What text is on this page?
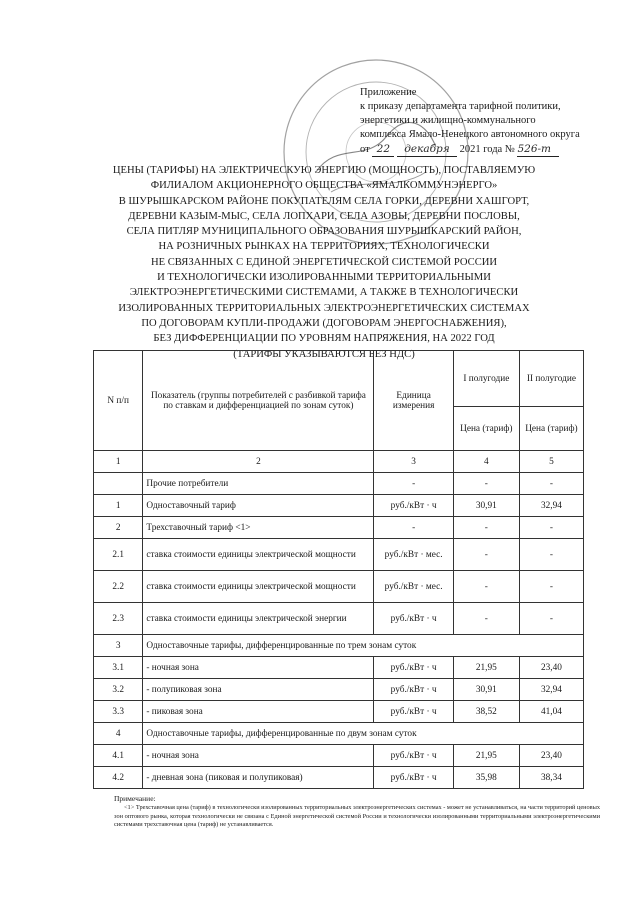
Приложение
к приказу департамента тарифной политики,
энергетики и жилищно-коммунального
комплекса Ямало-Ненецкого автономного округа
от 22 декабря 2021 года № 526-т
ЦЕНЫ (ТАРИФЫ) НА ЭЛЕКТРИЧЕСКУЮ ЭНЕРГИЮ (МОЩНОСТЬ), ПОСТАВЛЯЕМУЮ
ФИЛИАЛОМ АКЦИОНЕРНОГО ОБЩЕСТВА «ЯМАЛКОММУНЭНЕРГО»
В ШУРЫШКАРСКОМ РАЙОНЕ ПОКУПАТЕЛЯМ СЕЛА ГОРКИ, ДЕРЕВНИ ХАШГОРТ,
ДЕРЕВНИ КАЗЫМ-МЫС, СЕЛА ЛОПХАРИ, СЕЛА АЗОВЫ, ДЕРЕВНИ ПОСЛОВЫ,
СЕЛА ПИТЛЯР МУНИЦИПАЛЬНОГО ОБРАЗОВАНИЯ ШУРЫШКАРСКИЙ РАЙОН,
НА РОЗНИЧНЫХ РЫНКАХ НА ТЕРРИТОРИЯХ, ТЕХНОЛОГИЧЕСКИ
НЕ СВЯЗАННЫХ С ЕДИНОЙ ЭНЕРГЕТИЧЕСКОЙ СИСТЕМОЙ РОССИИ
И ТЕХНОЛОГИЧЕСКИ ИЗОЛИРОВАННЫМИ ТЕРРИТОРИАЛЬНЫМИ
ЭЛЕКТРОЭНЕРГЕТИЧЕСКИМИ СИСТЕМАМИ, А ТАКЖЕ В ТЕХНОЛОГИЧЕСКИ
ИЗОЛИРОВАННЫХ ТЕРРИТОРИАЛЬНЫХ ЭЛЕКТРОЭНЕРГЕТИЧЕСКИХ СИСТЕМАХ
ПО ДОГОВОРАМ КУПЛИ-ПРОДАЖИ (ДОГОВОРАМ ЭНЕРГОСНАБЖЕНИЯ),
БЕЗ ДИФФЕРЕНЦИАЦИИ ПО УРОВНЯМ НАПРЯЖЕНИЯ, НА 2022 ГОД
(ТАРИФЫ УКАЗЫВАЮТСЯ БЕЗ НДС)
N п/п	Показатель (группы потребителей с разбивкой тарифа по ставкам и дифференциацией по зонам суток)	Единица измерения	I полугодие	II полугодие
			Цена (тариф)	Цена (тариф)
1	2	3	4	5
	Прочие потребители	-	-	-
1	Одноставочный тариф	руб./кВт · ч	30,91	32,94
2	Трехставочный тариф <1>	-	-	-
2.1	ставка стоимости единицы электрической мощности	руб./кВт · мес.	-	-
2.2	ставка стоимости единицы электрической мощности	руб./кВт · мес.	-	-
2.3	ставка стоимости единицы электрической энергии	руб./кВт · ч	-	-
3	Одноставочные тарифы, дифференцированные по трем зонам суток			
3.1	- ночная зона	руб./кВт · ч	21,95	23,40
3.2	- полупиковая зона	руб./кВт · ч	30,91	32,94
3.3	- пиковая зона	руб./кВт · ч	38,52	41,04
4	Одноставочные тарифы, дифференцированные по двум зонам суток			
4.1	- ночная зона	руб./кВт · ч	21,95	23,40
4.2	- дневная зона (пиковая и полупиковая)	руб./кВт · ч	35,98	38,34
Примечание:
<1> Трехставочная цена (тариф) в технологически изолированных территориальных электроэнергетических системах - может не устанавливаться, на части территорий ценовых зон оптового рынка, которая технологически не связана с Единой энергетической системой России и технологически изолированными территориальными электроэнергетическими системами трехставочная цена (тариф) не устанавливается.
